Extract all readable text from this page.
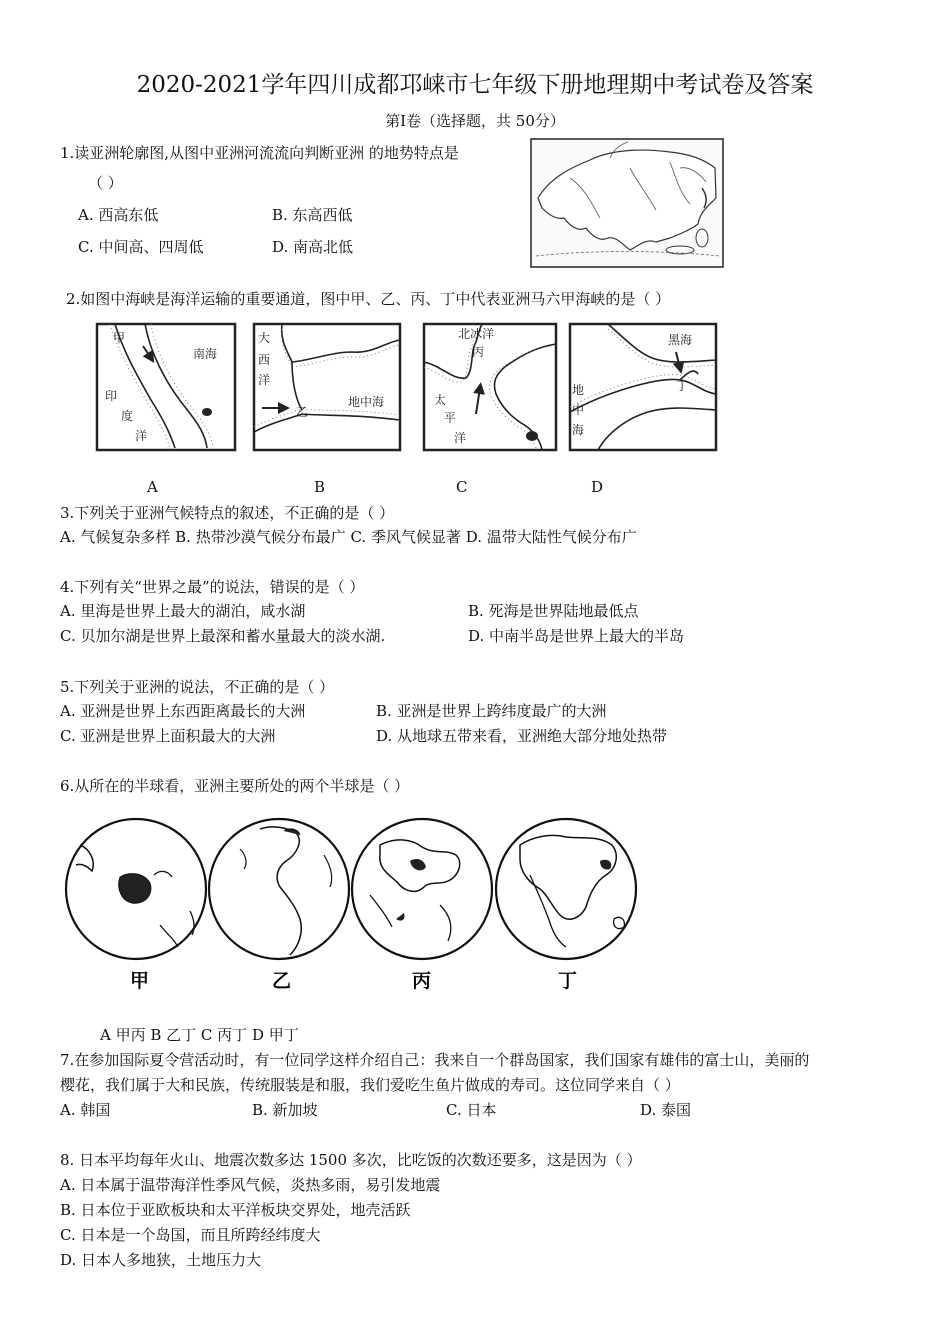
2020-2021学年四川成都邛崃市七年级下册地理期中考试卷及答案
第Ⅰ卷（选择题，共 50分）
1.读亚洲轮廓图,从图中亚洲河流流向判断亚洲 的地势特点是
（ ）
A. 西高东低	B. 东高西低
C. 中间高、四周低	D. 南高北低
2.如图中海峡是海洋运输的重要通道，图中甲、乙、丙、丁中代表亚洲马六甲海峡的是（ ）
甲
南海
印
度
洋
大
西
洋
乙
地中海
北冰洋
丙
太
平
洋
黑海
丁
地
中
海
A	B	C	D
3.下列关于亚洲气候特点的叙述，不正确的是（ ）
A. 气候复杂多样 B. 热带沙漠气候分布最广 C. 季风气候显著 D. 温带大陆性气候分布广
4.下列有关“世界之最”的说法，错误的是（ ）
A. 里海是世界上最大的湖泊，咸水湖	B. 死海是世界陆地最低点
C. 贝加尔湖是世界上最深和蓄水量最大的淡水湖.	D. 中南半岛是世界上最大的半岛
5.下列关于亚洲的说法，不正确的是（ ）
A. 亚洲是世界上东西距离最长的大洲	B. 亚洲是世界上跨纬度最广的大洲
C. 亚洲是世界上面积最大的大洲	D. 从地球五带来看，亚洲绝大部分地处热带
6.从所在的半球看，亚洲主要所处的两个半球是（ ）
甲	乙	丙	丁
A 甲丙 B 乙丁 C 丙丁 D 甲丁
7.在参加国际夏令营活动时，有一位同学这样介绍自己：我来自一个群岛国家，我们国家有雄伟的富士山，美丽的
樱花，我们属于大和民族，传统服装是和服，我们爱吃生鱼片做成的寿司。这位同学来自（ ）
A. 韩国	B. 新加坡	C. 日本	D. 泰国
8. 日本平均每年火山、地震次数多达 1500 多次，比吃饭的次数还要多，这是因为（ ）
A. 日本属于温带海洋性季风气候，炎热多雨，易引发地震
B. 日本位于亚欧板块和太平洋板块交界处，地壳活跃
C. 日本是一个岛国，而且所跨经纬度大
D. 日本人多地狭，土地压力大
